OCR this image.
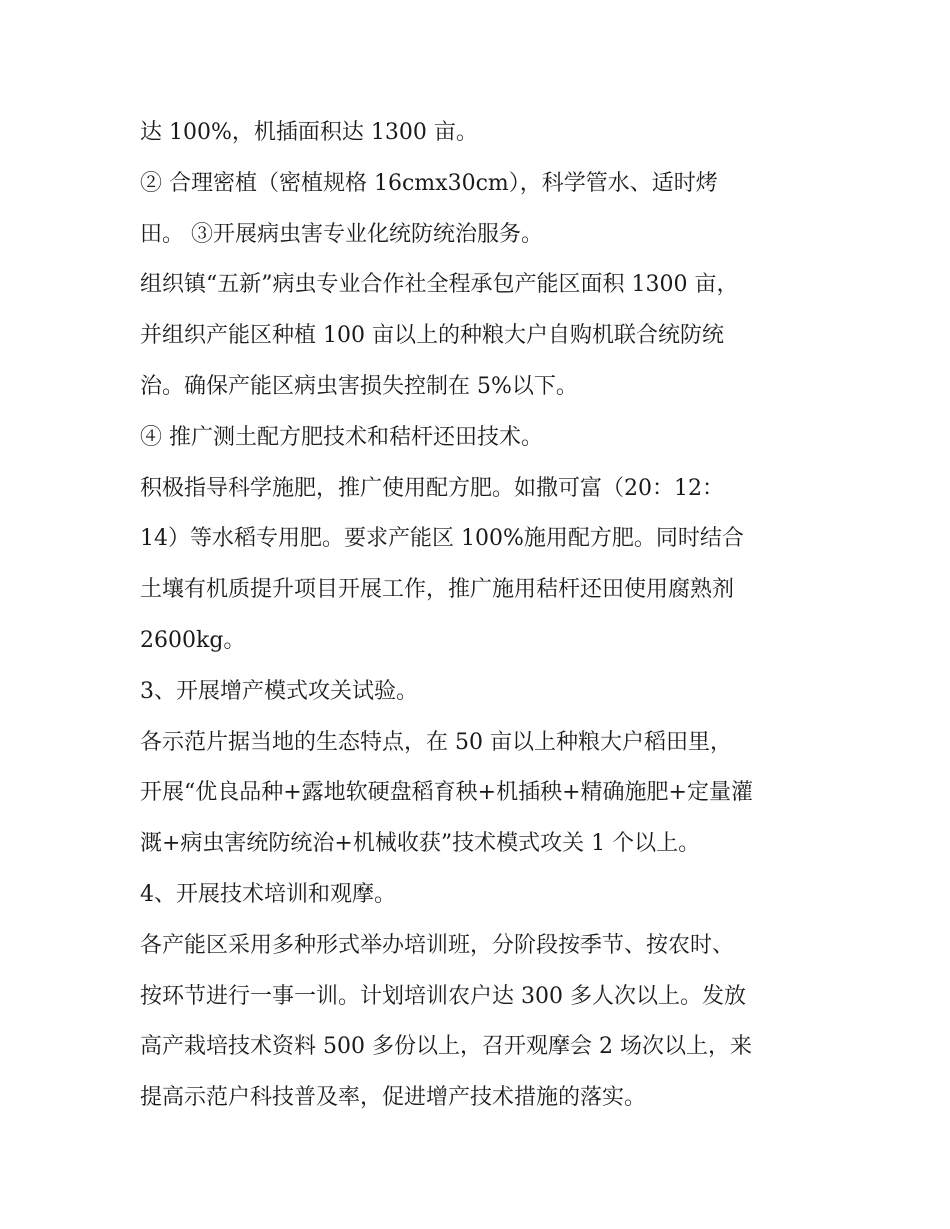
达 100%，机插面积达 1300 亩。
② 合理密植（密植规格 16cmx30cm），科学管水、适时烤
田。 ③开展病虫害专业化统防统治服务。
组织镇“五新”病虫专业合作社全程承包产能区面积 1300 亩，
并组织产能区种植 100 亩以上的种粮大户自购机联合统防统
治。确保产能区病虫害损失控制在 5%以下。
④ 推广测土配方肥技术和秸杆还田技术。
积极指导科学施肥，推广使用配方肥。如撒可富（20：12：
14）等水稻专用肥。要求产能区 100%施用配方肥。同时结合
土壤有机质提升项目开展工作，推广施用秸杆还田使用腐熟剂
2600kg。
3、开展增产模式攻关试验。
各示范片据当地的生态特点，在 50 亩以上种粮大户稻田里，
开展“优良品种+露地软硬盘稻育秧+机插秧+精确施肥+定量灌
溉+病虫害统防统治+机械收获”技术模式攻关 1 个以上。
4、开展技术培训和观摩。
各产能区采用多种形式举办培训班，分阶段按季节、按农时、
按环节进行一事一训。计划培训农户达 300 多人次以上。发放
高产栽培技术资料 500 多份以上，召开观摩会 2 场次以上，来
提高示范户科技普及率，促进增产技术措施的落实。
